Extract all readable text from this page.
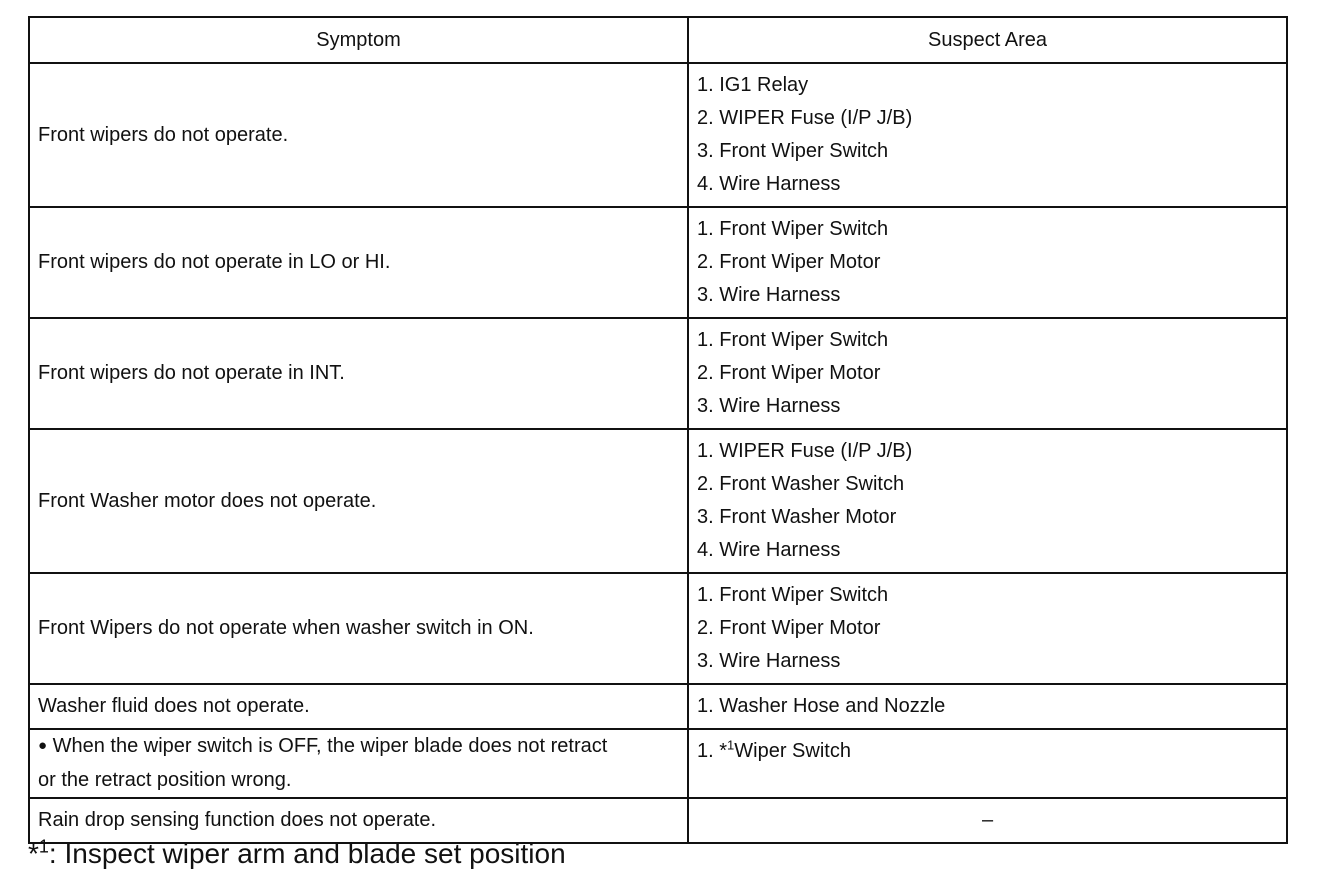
Symptom	Suspect Area
Front wipers do not operate.	1. IG1 Relay
2. WIPER Fuse (I/P J/B)
3. Front Wiper Switch
4. Wire Harness

Front wipers do not operate in LO or HI.	1. Front Wiper Switch
2. Front Wiper Motor
3. Wire Harness

Front wipers do not operate in INT.	1. Front Wiper Switch
2. Front Wiper Motor
3. Wire Harness

Front Washer motor does not operate.	1. WIPER Fuse (I/P J/B)
2. Front Washer Switch
3. Front Washer Motor
4. Wire Harness

Front Wipers do not operate when washer switch in ON.	1. Front Wiper Switch
2. Front Wiper Motor
3. Wire Harness

Washer fluid does not operate.	1. Washer Hose and Nozzle

● When the wiper switch is OFF, the wiper blade does not retract
or the retract position wrong.	1. *$^1$Wiper Switch

Rain drop sensing function does not operate.	–
*$^1$: Inspect wiper arm and blade set position
